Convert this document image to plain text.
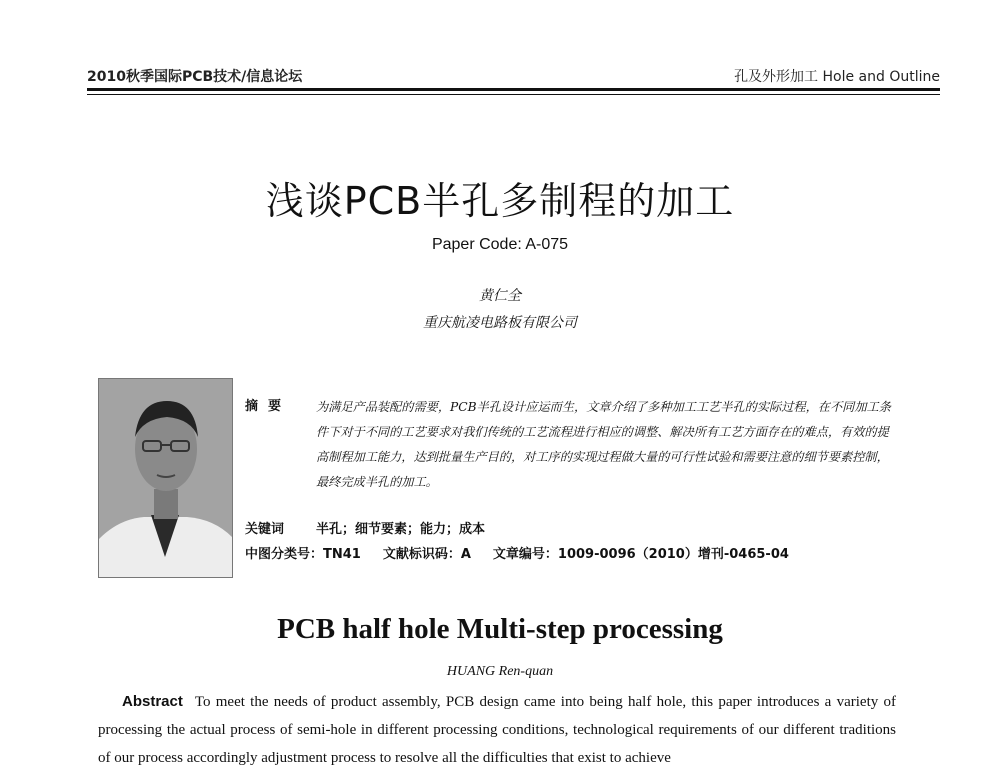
2010秋季国际PCB技术/信息论坛	孔及外形加工 Hole and Outline
浅谈PCB半孔多制程的加工
Paper Code: A-075
黄仁全
重庆航凌电路板有限公司
摘要 为满足产品装配的需要，PCB半孔设计应运而生，文章介绍了多种加工工艺半孔的实际过程，在不同加工条件下对于不同的工艺要求对我们传统的工艺流程进行相应的调整、解决所有工艺方面存在的难点，有效的提高制程加工能力，达到批量生产目的，对工序的实现过程做大量的可行性试验和需要注意的细节要素控制，最终完成半孔的加工。
关键词 半孔；细节要素；能力；成本
中图分类号：TN41 文献标识码：A 文章编号：1009-0096（2010）增刊-0465-04
PCB half hole Multi-step processing
HUANG Ren-quan
Abstract To meet the needs of product assembly, PCB design came into being half hole, this paper introduces a variety of processing the actual process of semi-hole in different processing conditions, technological requirements of our different traditions of our process accordingly adjustment process to resolve all the difficulties that exist to achieve
